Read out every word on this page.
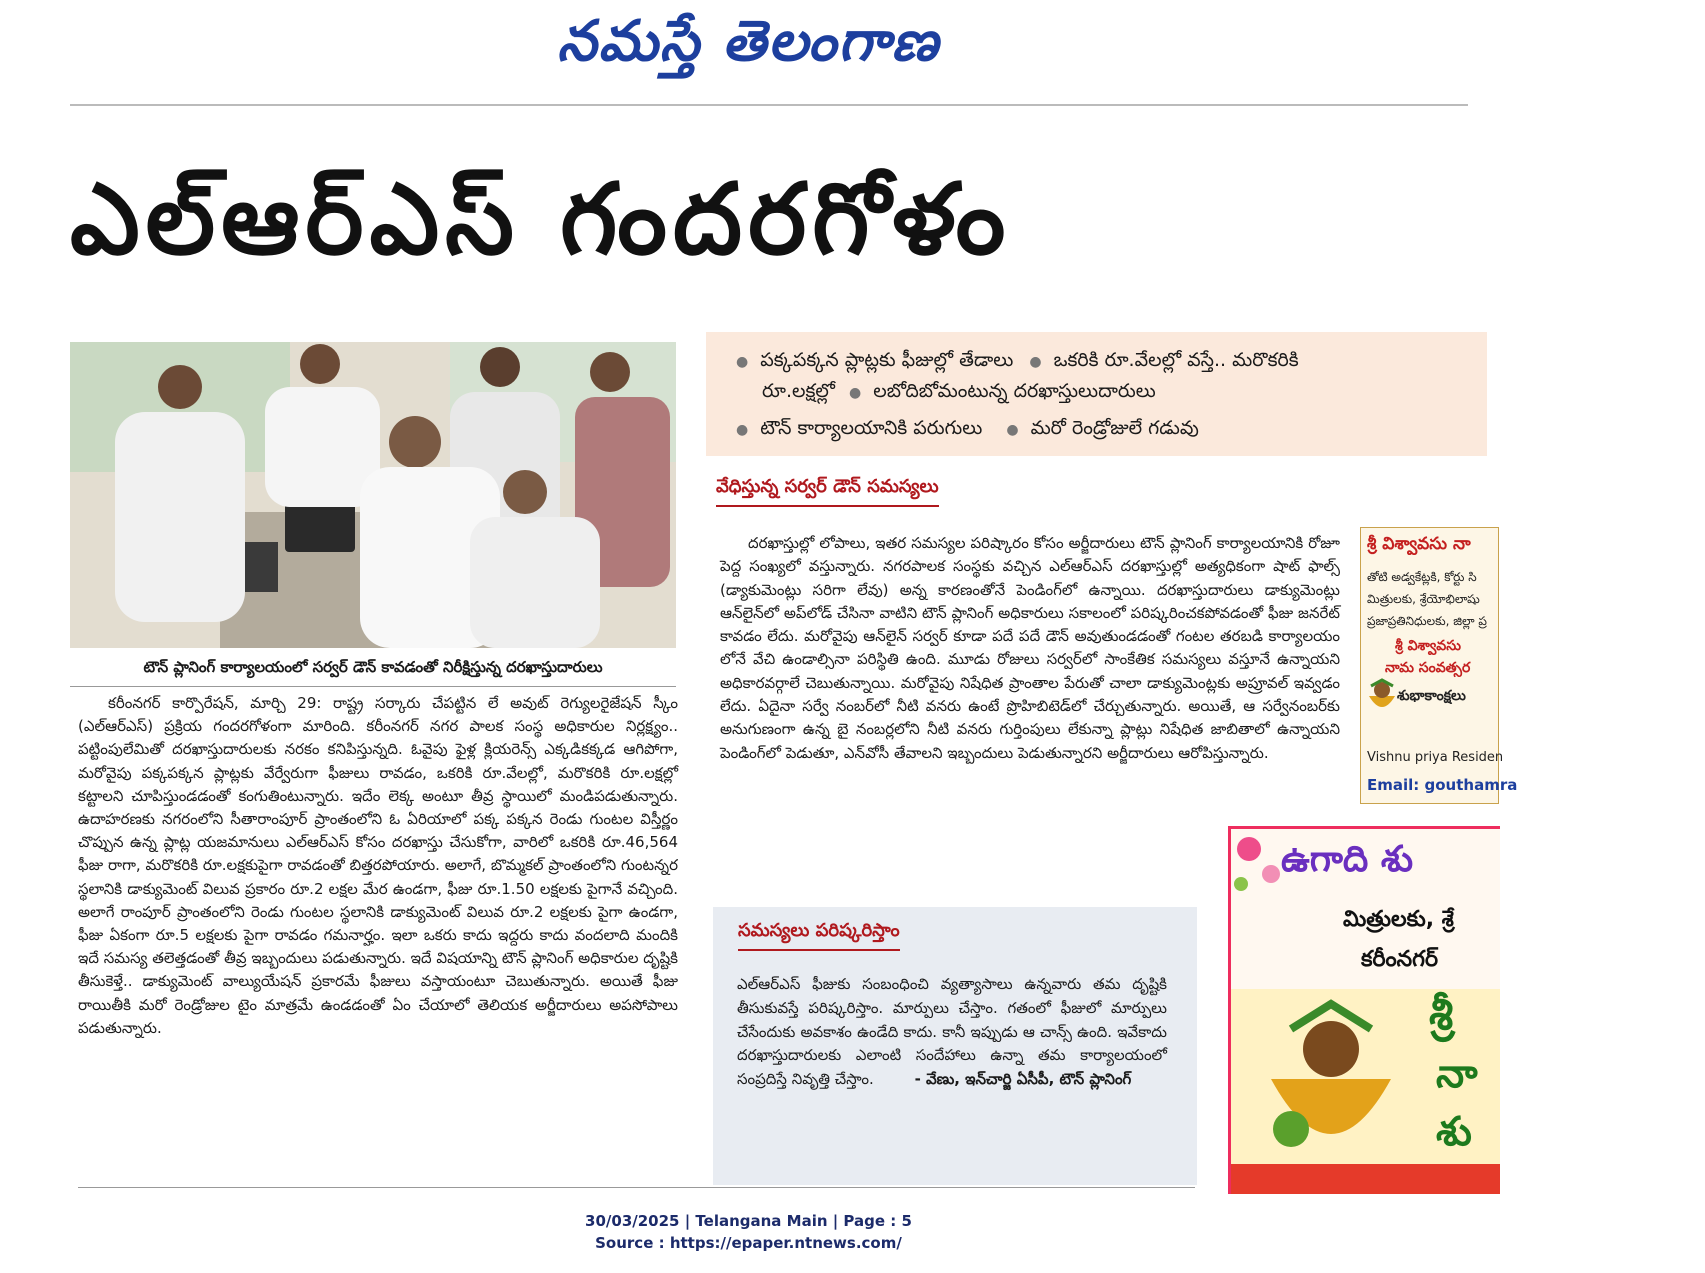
నమస్తే తెలంగాణ
ఎల్‌ఆర్‌ఎస్‌ గందరగోళం
టౌన్‌ ప్లానింగ్‌ కార్యాలయంలో సర్వర్‌ డౌన్‌ కావడంతో నిరీక్షిస్తున్న దరఖాస్తుదారులు
కరీంనగర్‌ కార్పొరేషన్‌, మార్చి 29: రాష్ట్ర సర్కారు చేపట్టిన లే అవుట్‌ రెగ్యులరైజేషన్‌ స్కీం (ఎల్‌ఆర్‌ఎస్‌) ప్రక్రియ గందరగోళంగా మారింది. కరీంనగర్‌ నగర పాలక సంస్థ అధికారుల నిర్లక్ష్యం.. పట్టింపులేమితో దరఖాస్తుదారులకు నరకం కనిపిస్తున్నది. ఓవైపు ఫైళ్ల క్లియరెన్స్‌ ఎక్కడికక్కడ ఆగిపోగా, మరోవైపు పక్కపక్కన ప్లాట్లకు వేర్వేరుగా ఫీజులు రావడం, ఒకరికి రూ.వేలల్లో, మరొకరికి రూ.లక్షల్లో కట్టాలని చూపిస్తుండడంతో కంగుతింటున్నారు. ఇదేం లెక్క అంటూ తీవ్ర స్థాయిలో మండిపడుతున్నారు. ఉదాహరణకు నగరంలోని సీతారాంపూర్‌ ప్రాంతంలోని ఓ ఏరియాలో పక్క పక్కన రెండు గుంటల విస్తీర్ణం చొప్పున ఉన్న ప్లాట్ల యజమానులు ఎల్‌ఆర్‌ఎస్‌ కోసం దరఖాస్తు చేసుకోగా, వారిలో ఒకరికి రూ.46,564 ఫీజు రాగా, మరొకరికి రూ.లక్షకుపైగా రావడంతో బిత్తరపోయారు. అలాగే, బొమ్మకల్‌ ప్రాంతంలోని గుంటన్నర స్థలానికి డాక్యుమెంట్‌ విలువ ప్రకారం రూ.2 లక్షల మేర ఉండగా, ఫీజు రూ.1.50 లక్షలకు పైగానే వచ్చింది. అలాగే రాంపూర్‌ ప్రాంతంలోని రెండు గుంటల స్థలానికి డాక్యుమెంట్‌ విలువ రూ.2 లక్షలకు పైగా ఉండగా, ఫీజు ఏకంగా రూ.5 లక్షలకు పైగా రావడం గమనార్హం. ఇలా ఒకరు కాదు ఇద్దరు కాదు వందలాది మందికి ఇదే సమస్య తలెత్తడంతో తీవ్ర ఇబ్బందులు పడుతున్నారు. ఇదే విషయాన్ని టౌన్‌ ప్లానింగ్‌ అధికారుల దృష్టికి తీసుకెళ్తే.. డాక్యుమెంట్‌ వాల్యుయేషన్‌ ప్రకారమే ఫీజులు వస్తాయంటూ చెబుతున్నారు. అయితే ఫీజు రాయితీకి మరో రెండ్రోజుల టైం మాత్రమే ఉండడంతో ఏం చేయాలో తెలియక అర్జీదారులు అపసోపాలు పడుతున్నారు.
● పక్కపక్కన ప్లాట్లకు ఫీజుల్లో తేడాలు ● ఒకరికి రూ.వేలల్లో వస్తే.. మరొకరికి
రూ.లక్షల్లో ● లబోదిబోమంటున్న దరఖాస్తులుదారులు
● టౌన్‌ కార్యాలయానికి పరుగులు ● మరో రెండ్రోజులే గడువు
వేధిస్తున్న సర్వర్‌ డౌన్‌ సమస్యలు
దరఖాస్తుల్లో లోపాలు, ఇతర సమస్యల పరిష్కారం కోసం అర్జీదారులు టౌన్‌ ప్లానింగ్‌ కార్యాలయానికి రోజూ పెద్ద సంఖ్యలో వస్తున్నారు. నగరపాలక సంస్థకు వచ్చిన ఎల్‌ఆర్‌ఎస్‌ దరఖాస్తుల్లో అత్యధికంగా షాట్‌ ఫాల్స్‌ (డ్యాకుమెంట్లు సరిగా లేవు) అన్న కారణంతోనే పెండింగ్‌లో ఉన్నాయి. దరఖాస్తుదారులు డాక్యుమెంట్లు ఆన్‌లైన్‌లో అప్‌లోడ్‌ చేసినా వాటిని టౌన్‌ ప్లానింగ్‌ అధికారులు సకాలంలో పరిష్కరించకపోవడంతో ఫీజు జనరేట్‌ కావడం లేదు. మరోవైపు ఆన్‌లైన్‌ సర్వర్‌ కూడా పదే పదే డౌన్‌ అవుతుండడంతో గంటల తరబడి కార్యాలయం లోనే వేచి ఉండాల్సినా పరిస్థితి ఉంది. మూడు రోజులు సర్వర్‌లో సాంకేతిక సమస్యలు వస్తూనే ఉన్నాయని అధికారవర్గాలే చెబుతున్నాయి. మరోవైపు నిషేధిత ప్రాంతాల పేరుతో చాలా డాక్యుమెంట్లకు అప్రూవల్‌ ఇవ్వడం లేదు. ఏదైనా సర్వే నంబర్‌లో నీటి వనరు ఉంటే ప్రొహిబిటెడ్‌లో చేర్చుతున్నారు. అయితే, ఆ సర్వేనంబర్‌కు అనుగుణంగా ఉన్న బై నంబర్లలోని నీటి వనరు గుర్తింపులు లేకున్నా ప్లాట్లు నిషేధిత జాబితాలో ఉన్నాయని పెండింగ్‌లో పెడుతూ, ఎన్‌వోసీ తేవాలని ఇబ్బందులు పెడుతున్నారని అర్జీదారులు ఆరోపిస్తున్నారు.
సమస్యలు పరిష్కరిస్తాం
ఎల్‌ఆర్‌ఎస్‌ ఫీజుకు సంబంధించి వ్యత్యాసాలు ఉన్నవారు తమ దృష్టికి తీసుకువస్తే పరిష్కరిస్తాం. మార్పులు చేస్తాం. గతంలో ఫీజులో మార్పులు చేసేందుకు అవకాశం ఉండేది కాదు. కానీ ఇప్పుడు ఆ చాన్స్‌ ఉంది. ఇవేకాదు దరఖాస్తుదారులకు ఎలాంటి సందేహాలు ఉన్నా తమ కార్యాలయంలో సంప్రదిస్తే నివృత్తి చేస్తాం.	- వేణు, ఇన్‌చార్జి ఏసీపీ, టౌన్‌ ప్లానింగ్‌
శ్రీ విశ్వావసు నా
తోటి అడ్వకేట్లకి, కోర్టు సి
మిత్రులకు, శ్రేయోభిలాషు
ప్రజాప్రతినిధులకు, జిల్లా ప్ర
శ్రీ విశ్వావసు
నామ సంవత్సర
శుభాకాంక్షలు
Vishnu priya Residen
Email: gouthamra
ఉగాది శు
మిత్రులకు, శ్రే
కరీంనగర్‌
శ్రీ
నా
శు
30/03/2025 | Telangana Main | Page : 5
Source : https://epaper.ntnews.com/
